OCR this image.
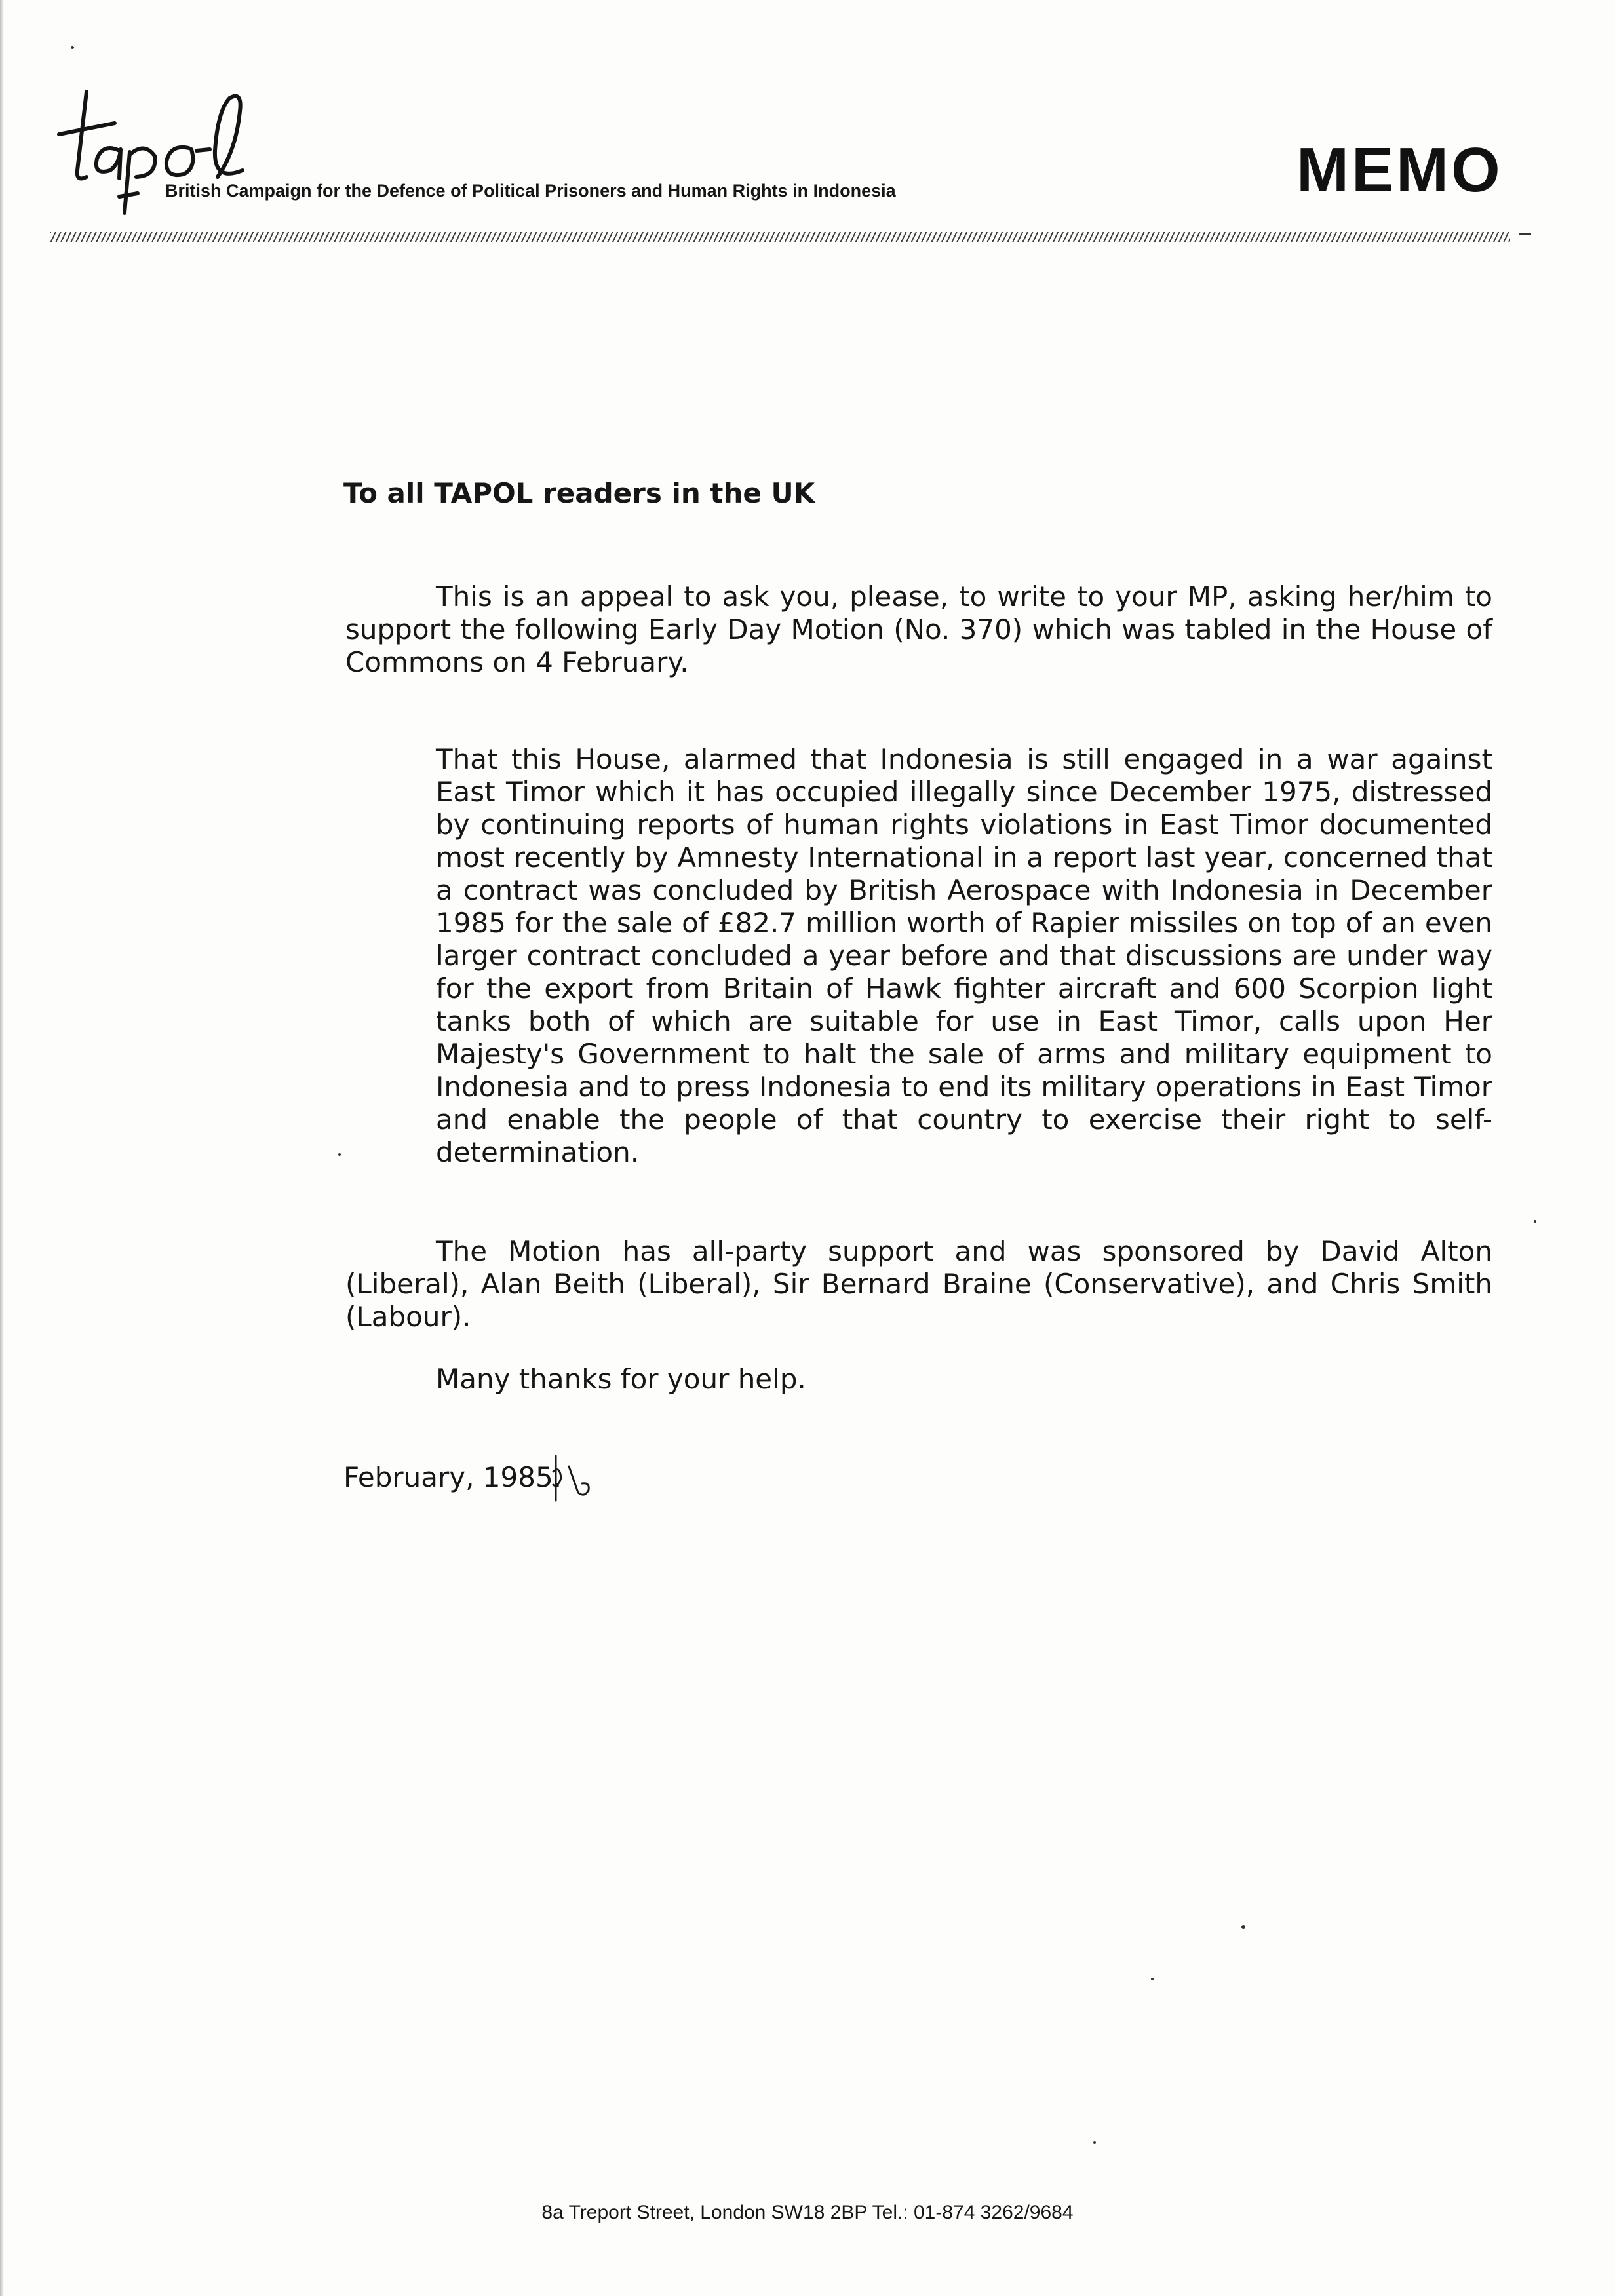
British Campaign for the Defence of Political Prisoners and Human Rights in Indonesia	MEMO
To all TAPOL readers in the UK
This is an appeal to ask you, please, to write to your MP, asking her/him to support the following Early Day Motion (No. 370) which was tabled in the House of Commons on 4 February.
That this House, alarmed that Indonesia is still engaged in a war against East Timor which it has occupied illegally since December 1975, distressed by continuing reports of human rights violations in East Timor documented most recently by Amnesty International in a report last year, concerned that a contract was concluded by British Aerospace with Indonesia in December 1985 for the sale of £82.7 million worth of Rapier missiles on top of an even larger contract concluded a year before and that discussions are under way for the export from Britain of Hawk fighter aircraft and 600 Scorpion light tanks both of which are suitable for use in East Timor, calls upon Her Majesty's Government to halt the sale of arms and military equipment to Indonesia and to press Indonesia to end its military operations in East Timor and enable the people of that country to exercise their right to self-determination.
The Motion has all-party support and was sponsored by David Alton (Liberal), Alan Beith (Liberal), Sir Bernard Braine (Conservative), and Chris Smith (Labour).
Many thanks for your help.
February, 1985.
8a Treport Street, London SW18 2BP Tel.: 01-874 3262/9684
